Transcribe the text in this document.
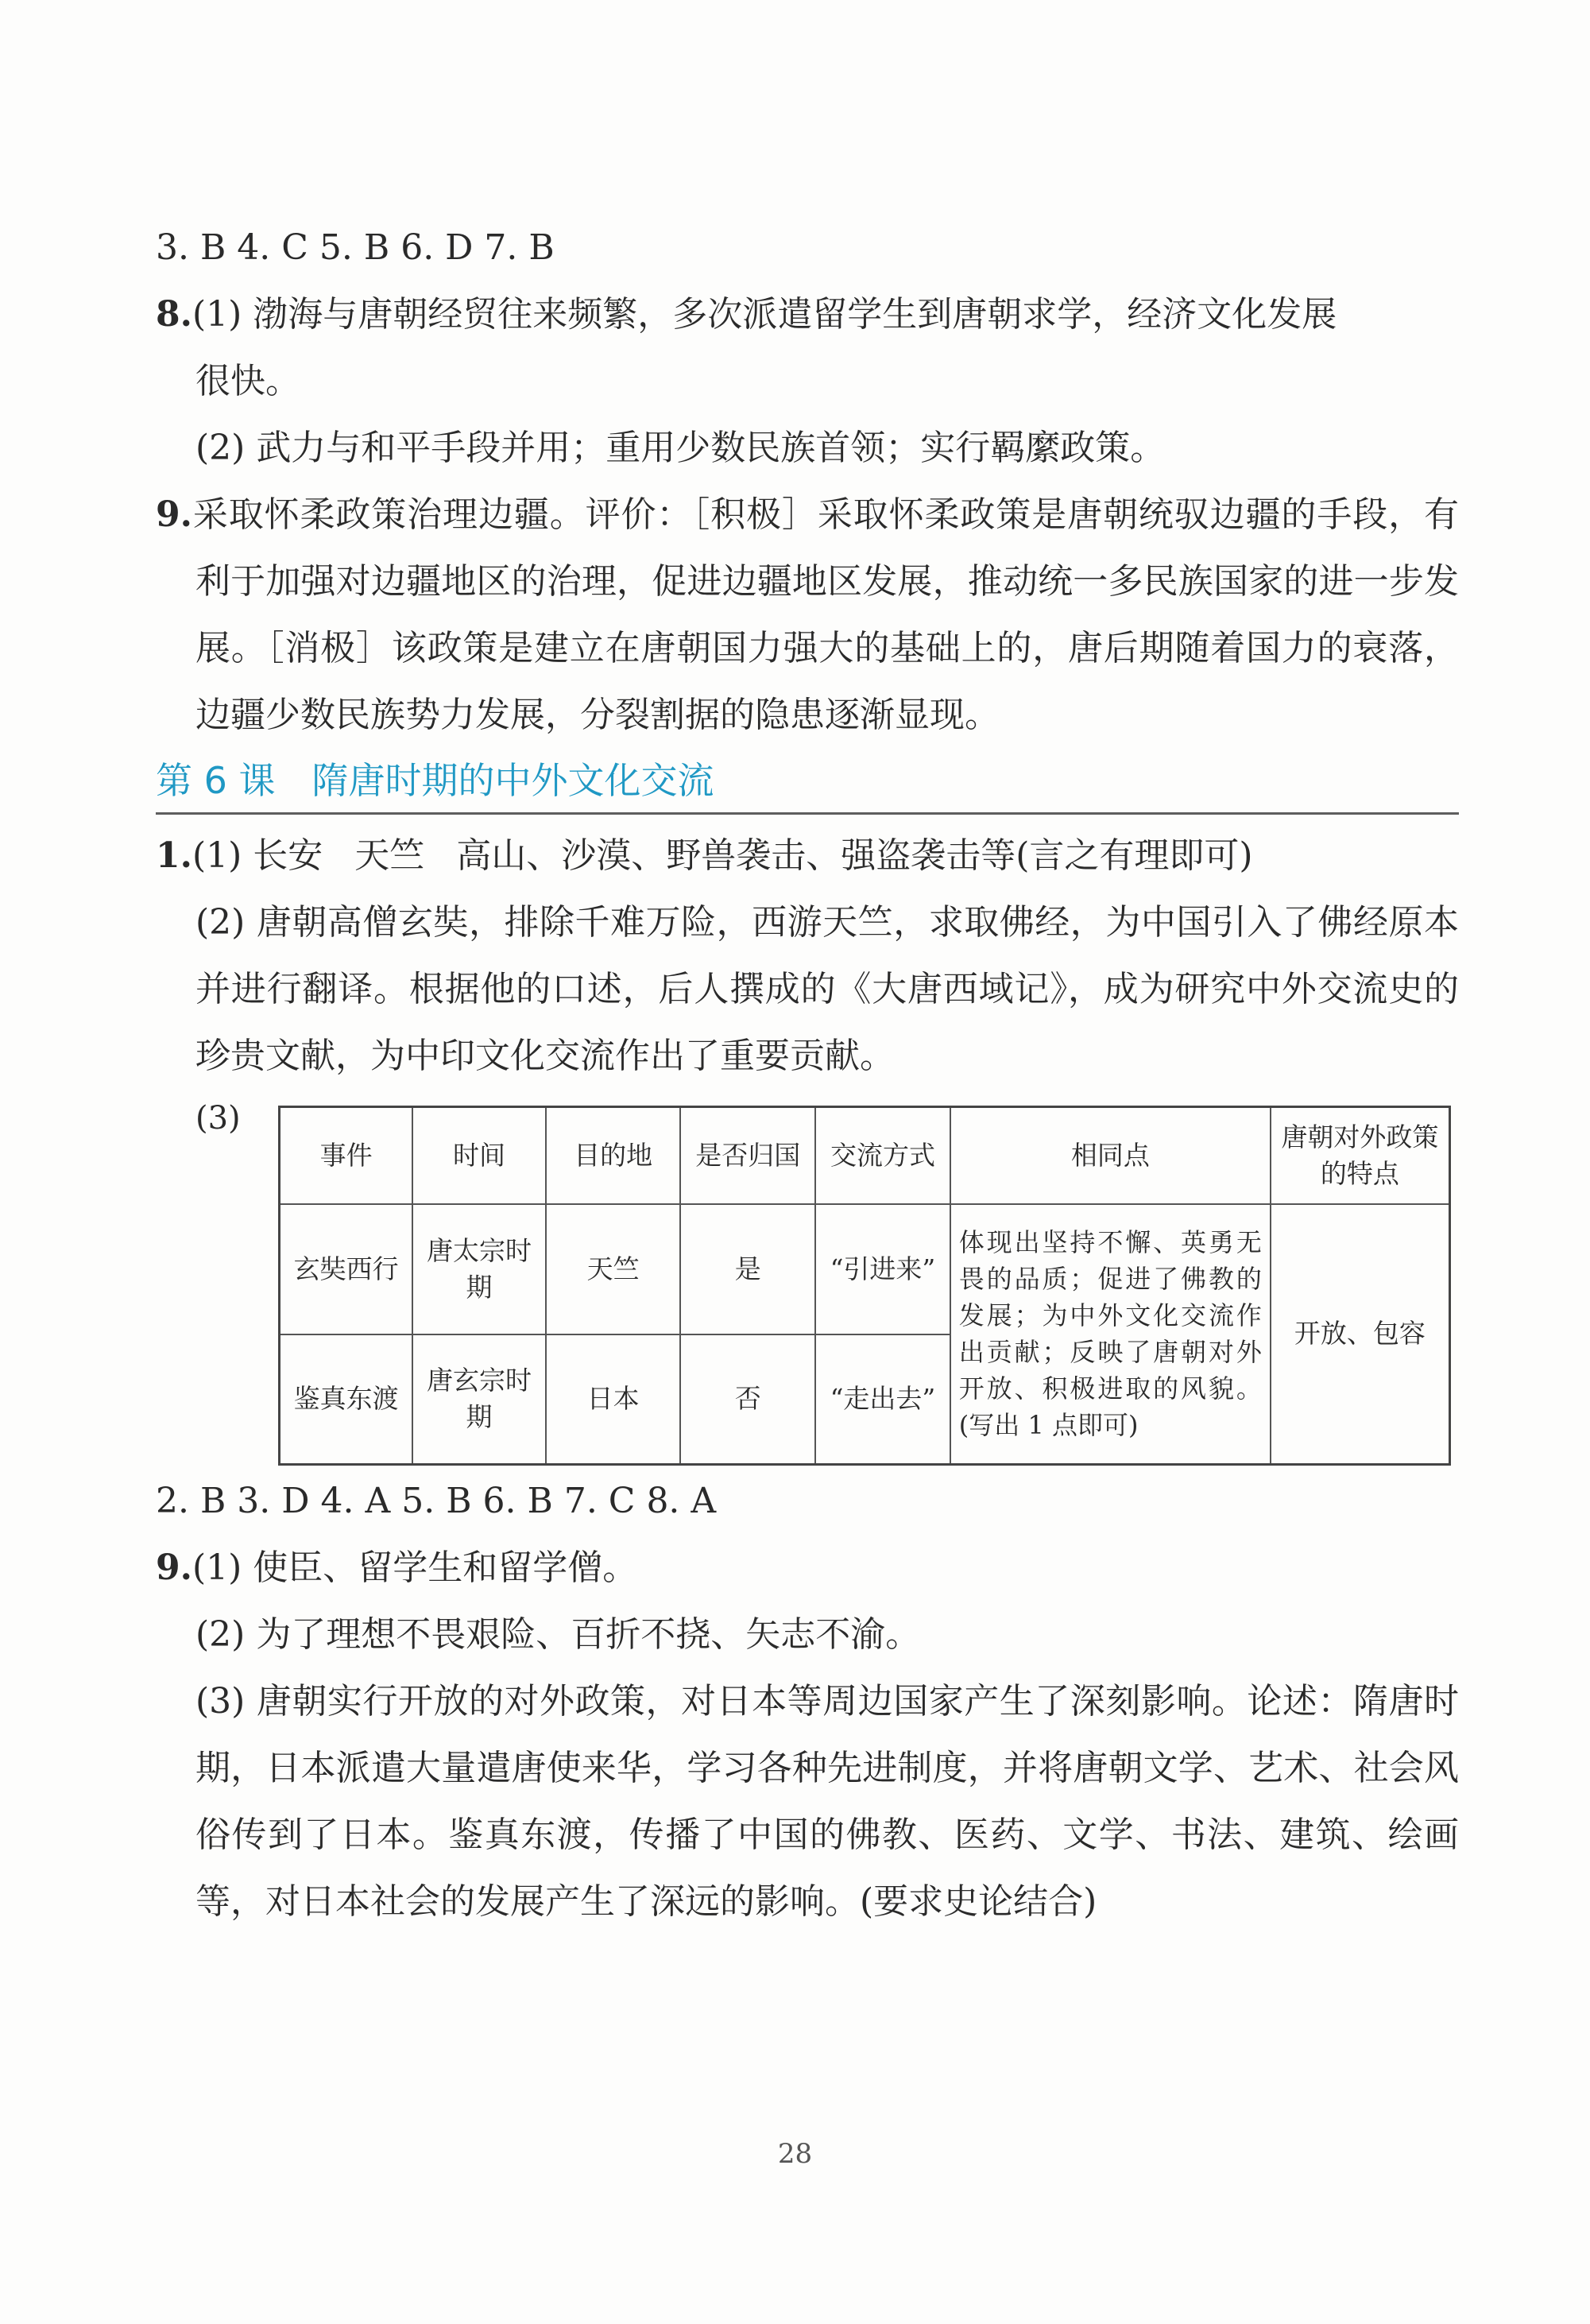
3. B 4. C 5. B 6. D 7. B
8.(1) 渤海与唐朝经贸往来频繁，多次派遣留学生到唐朝求学，经济文化发展
很快。
(2) 武力与和平手段并用；重用少数民族首领；实行羁縻政策。
9.采取怀柔政策治理边疆。评价：［积极］采取怀柔政策是唐朝统驭边疆的手段，有利于加强对边疆地区的治理，促进边疆地区发展，推动统一多民族国家的进一步发展。［消极］该政策是建立在唐朝国力强大的基础上的，唐后期随着国力的衰落，边疆少数民族势力发展，分裂割据的隐患逐渐显现。
第 6 课 隋唐时期的中外文化交流
1.(1) 长安 天竺 高山、沙漠、野兽袭击、强盗袭击等(言之有理即可)
(2) 唐朝高僧玄奘，排除千难万险，西游天竺，求取佛经，为中国引入了佛经原本并进行翻译。根据他的口述，后人撰成的《大唐西域记》，成为研究中外交流史的珍贵文献，为中印文化交流作出了重要贡献。
(3)
事件	时间	目的地	是否归国	交流方式	相同点	唐朝对外政策的特点
玄奘西行	唐太宗时期	天竺	是	“引进来”	体现出坚持不懈、英勇无畏的品质；促进了佛教的发展；为中外文化交流作出贡献；反映了唐朝对外开放、积极进取的风貌。(写出 1 点即可)	开放、包容
鉴真东渡	唐玄宗时期	日本	否	“走出去”		
2. B 3. D 4. A 5. B 6. B 7. C 8. A
9.(1) 使臣、留学生和留学僧。
(2) 为了理想不畏艰险、百折不挠、矢志不渝。
(3) 唐朝实行开放的对外政策，对日本等周边国家产生了深刻影响。论述：隋唐时期，日本派遣大量遣唐使来华，学习各种先进制度，并将唐朝文学、艺术、社会风俗传到了日本。鉴真东渡，传播了中国的佛教、医药、文学、书法、建筑、绘画等，对日本社会的发展产生了深远的影响。(要求史论结合)
28
